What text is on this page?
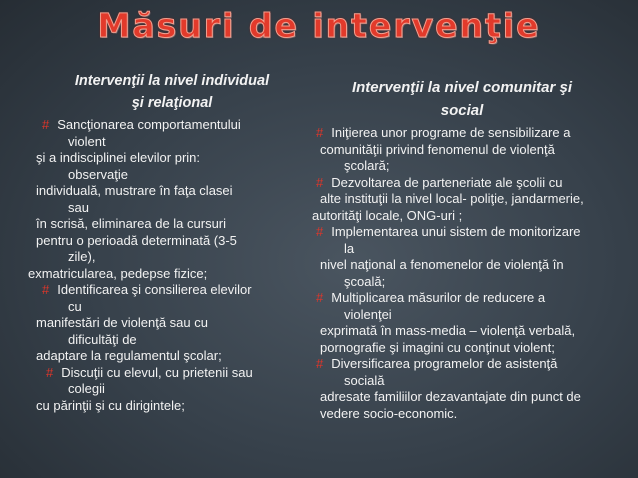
Măsuri de intervenţie
Intervenţii la nivel individual
şi relaţional
# Sancţionarea comportamentului
violent
şi a indisciplinei elevilor prin:
observaţie
individuală, mustrare în faţa clasei
sau
în scrisă, eliminarea de la cursuri
pentru o perioadă determinată (3-5
zile),
exmatricularea, pedepse fizice;
# Identificarea şi consilierea elevilor
cu
manifestări de violenţă sau cu
dificultăţi de
adaptare la regulamentul şcolar;
# Discuţii cu elevul, cu prietenii sau
colegii
cu părinţii şi cu dirigintele;
Intervenţii la nivel comunitar şi
social
# Iniţierea unor programe de sensibilizare a
comunităţii privind fenomenul de violenţă
şcolară;
# Dezvoltarea de parteneriate ale şcolii cu
alte instituţii la nivel local- poliţie, jandarmerie,
autorităţi locale, ONG-uri ;
# Implementarea unui sistem de monitorizare
la
nivel naţional a fenomenelor de violenţă în
şcoală;
# Multiplicarea măsurilor de reducere a
violenţei
exprimată în mass-media – violenţă verbală,
pornografie şi imagini cu conţinut violent;
# Diversificarea programelor de asistenţă
socială
adresate familiilor dezavantajate din punct de
vedere socio-economic.
